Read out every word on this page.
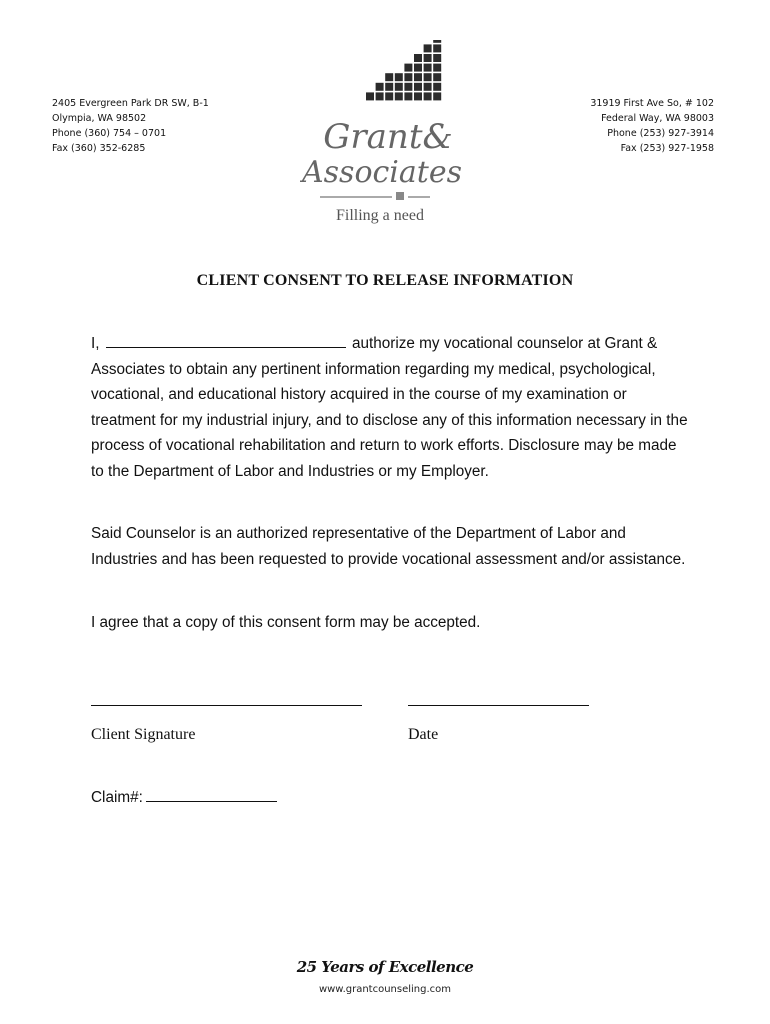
2405 Evergreen Park DR SW, B-1
Olympia, WA 98502
Phone (360) 754 – 0701
Fax (360) 352-6285
31919 First Ave So, # 102
Federal Way, WA 98003
Phone (253) 927-3914
Fax (253) 927-1958
Grant&
Associates
Filling a need
CLIENT CONSENT TO RELEASE INFORMATION
I,	authorize my vocational counselor at Grant & Associates to obtain any pertinent information regarding my medical, psychological, vocational, and educational history acquired in the course of my examination or treatment for my industrial injury, and to disclose any of this information necessary in the process of vocational rehabilitation and return to work efforts. Disclosure may be made to the Department of Labor and Industries or my Employer.
Said Counselor is an authorized representative of the Department of Labor and Industries and has been requested to provide vocational assessment and/or assistance.
I agree that a copy of this consent form may be accepted.
Client Signature	Date
Claim#:
25 Years of Excellence
www.grantcounseling.com
